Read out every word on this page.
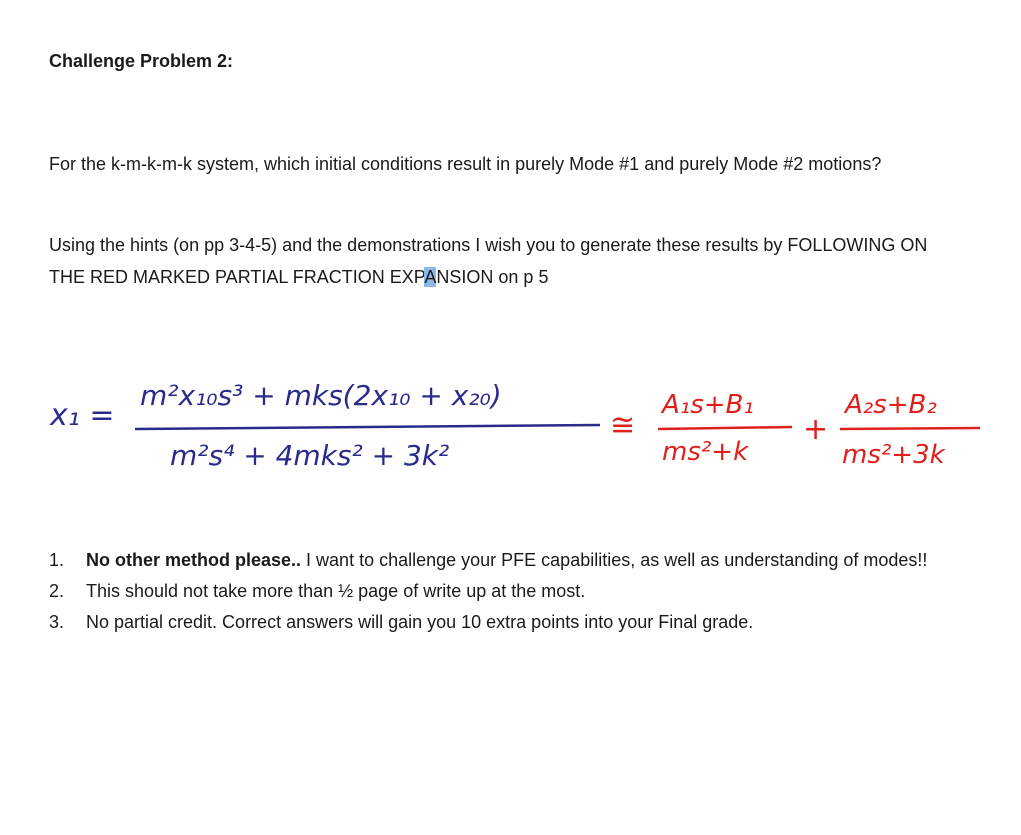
Challenge Problem 2:
For the k-m-k-m-k system, which initial conditions result in purely Mode #1 and purely Mode #2 motions?
Using the hints (on pp 3-4-5) and the demonstrations I wish you to generate these results by FOLLOWING ON THE RED MARKED PARTIAL FRACTION EXPANSION on p 5
x₁ =
m²x₁₀s³ + mks(2x₁₀ + x₂₀)
m²s⁴ + 4mks² + 3k²
≅
A₁s+B₁
ms²+k
+
A₂s+B₂
ms²+3k
1.	No other method please.. I want to challenge your PFE capabilities, as well as understanding of modes!!
2.	This should not take more than ½ page of write up at the most.
3.	No partial credit. Correct answers will gain you 10 extra points into your Final grade.
